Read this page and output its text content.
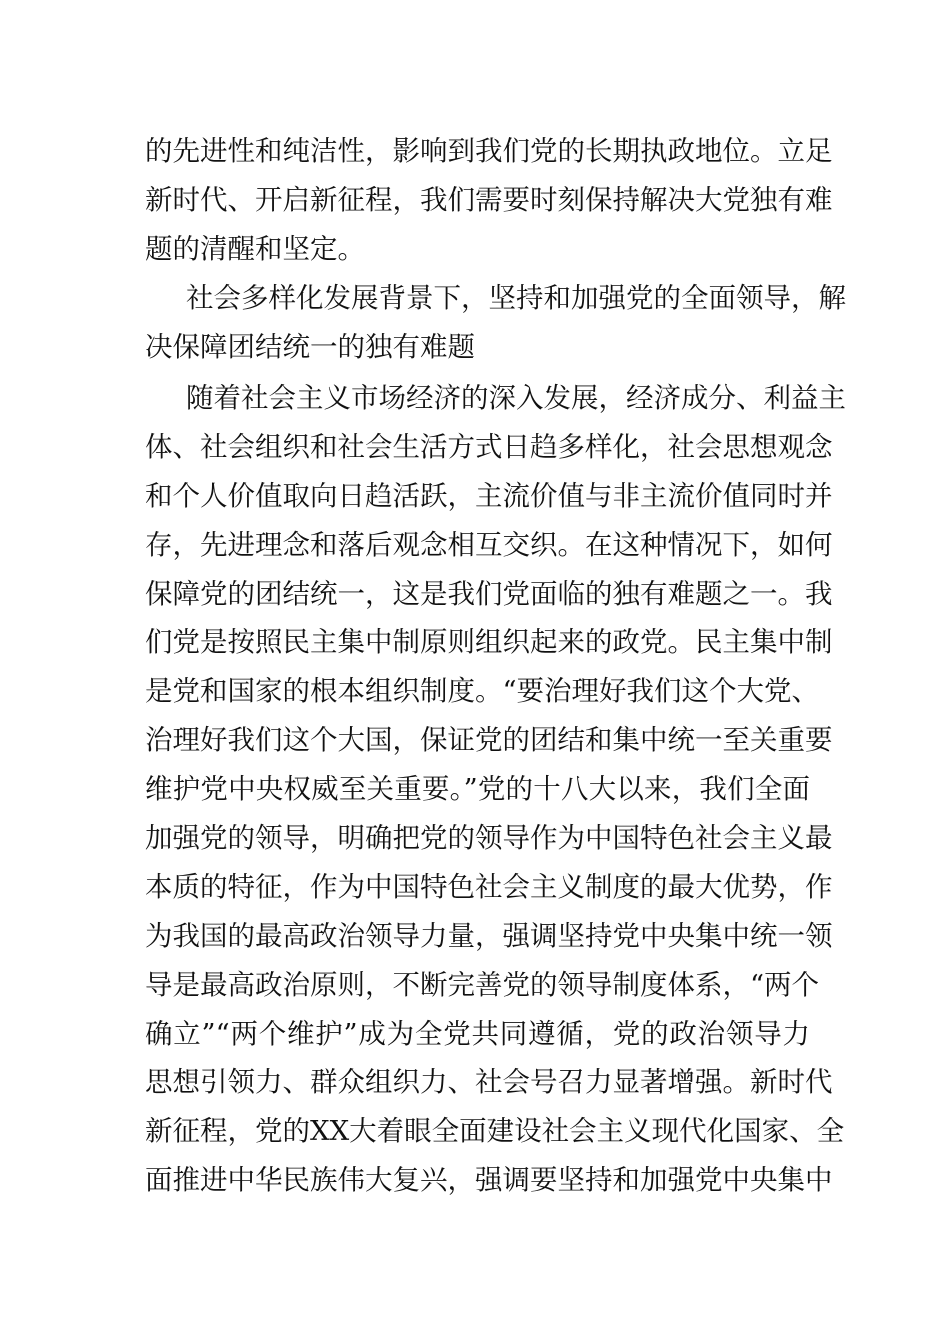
的先进性和纯洁性，影响到我们党的长期执政地位。立足
新时代、开启新征程，我们需要时刻保持解决大党独有难
题的清醒和坚定。
社会多样化发展背景下，坚持和加强党的全面领导，解
决保障团结统一的独有难题
随着社会主义市场经济的深入发展，经济成分、利益主
体、社会组织和社会生活方式日趋多样化，社会思想观念
和个人价值取向日趋活跃，主流价值与非主流价值同时并
存，先进理念和落后观念相互交织。在这种情况下，如何
保障党的团结统一，这是我们党面临的独有难题之一。我
们党是按照民主集中制原则组织起来的政党。民主集中制
是党和国家的根本组织制度。“要治理好我们这个大党、
治理好我们这个大国，保证党的团结和集中统一至关重要
维护党中央权威至关重要。”党的十八大以来，我们全面
加强党的领导，明确把党的领导作为中国特色社会主义最
本质的特征，作为中国特色社会主义制度的最大优势，作
为我国的最高政治领导力量，强调坚持党中央集中统一领
导是最高政治原则，不断完善党的领导制度体系，“两个
确立”“两个维护”成为全党共同遵循，党的政治领导力
思想引领力、群众组织力、社会号召力显著增强。新时代
新征程，党的XX大着眼全面建设社会主义现代化国家、全
面推进中华民族伟大复兴，强调要坚持和加强党中央集中
